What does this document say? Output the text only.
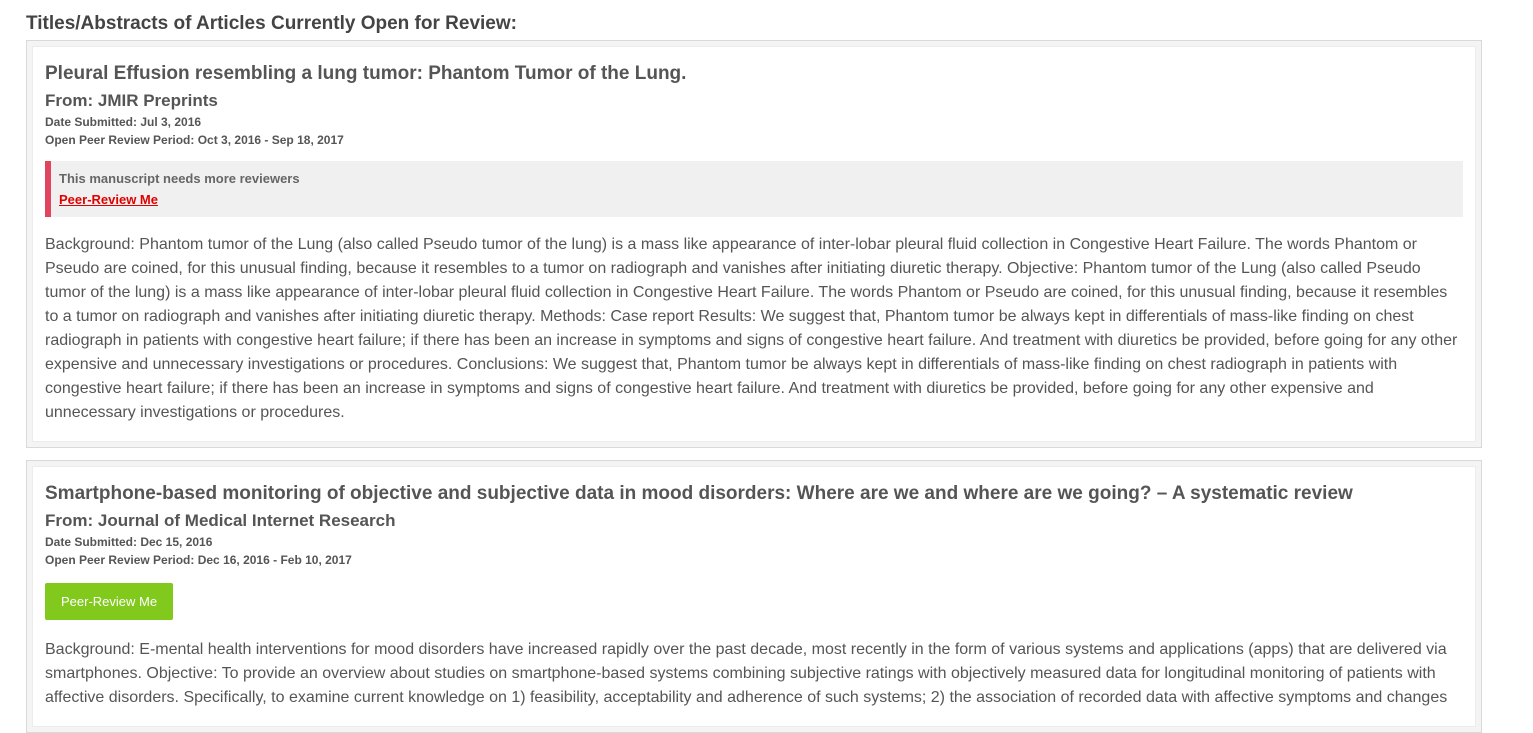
Titles/Abstracts of Articles Currently Open for Review:
Pleural Effusion resembling a lung tumor: Phantom Tumor of the Lung.

From: JMIR Preprints

Date Submitted: Jul 3, 2016

Open Peer Review Period: Oct 3, 2016 - Sep 18, 2017

This manuscript needs more reviewers
Peer-Review Me

Background: Phantom tumor of the Lung (also called Pseudo tumor of the lung) is a mass like appearance of inter-lobar pleural fluid collection in Congestive Heart Failure. The words Phantom or Pseudo are coined, for this unusual finding, because it resembles to a tumor on radiograph and vanishes after initiating diuretic therapy. Objective: Phantom tumor of the Lung (also called Pseudo tumor of the lung) is a mass like appearance of inter-lobar pleural fluid collection in Congestive Heart Failure. The words Phantom or Pseudo are coined, for this unusual finding, because it resembles to a tumor on radiograph and vanishes after initiating diuretic therapy. Methods: Case report Results: We suggest that, Phantom tumor be always kept in differentials of mass-like finding on chest radiograph in patients with congestive heart failure; if there has been an increase in symptoms and signs of congestive heart failure. And treatment with diuretics be provided, before going for any other expensive and unnecessary investigations or procedures. Conclusions: We suggest that, Phantom tumor be always kept in differentials of mass-like finding on chest radiograph in patients with congestive heart failure; if there has been an increase in symptoms and signs of congestive heart failure. And treatment with diuretics be provided, before going for any other expensive and unnecessary investigations or procedures.

Smartphone-based monitoring of objective and subjective data in mood disorders: Where are we and where are we going? – A systematic review

From: Journal of Medical Internet Research

Date Submitted: Dec 15, 2016

Open Peer Review Period: Dec 16, 2016 - Feb 10, 2017

Peer-Review Me

Background: E-mental health interventions for mood disorders have increased rapidly over the past decade, most recently in the form of various systems and applications (apps) that are delivered via smartphones. Objective: To provide an overview about studies on smartphone-based systems combining subjective ratings with objectively measured data for longitudinal monitoring of patients with affective disorders. Specifically, to examine current knowledge on 1) feasibility, acceptability and adherence of such systems; 2) the association of recorded data with affective symptoms and changes
